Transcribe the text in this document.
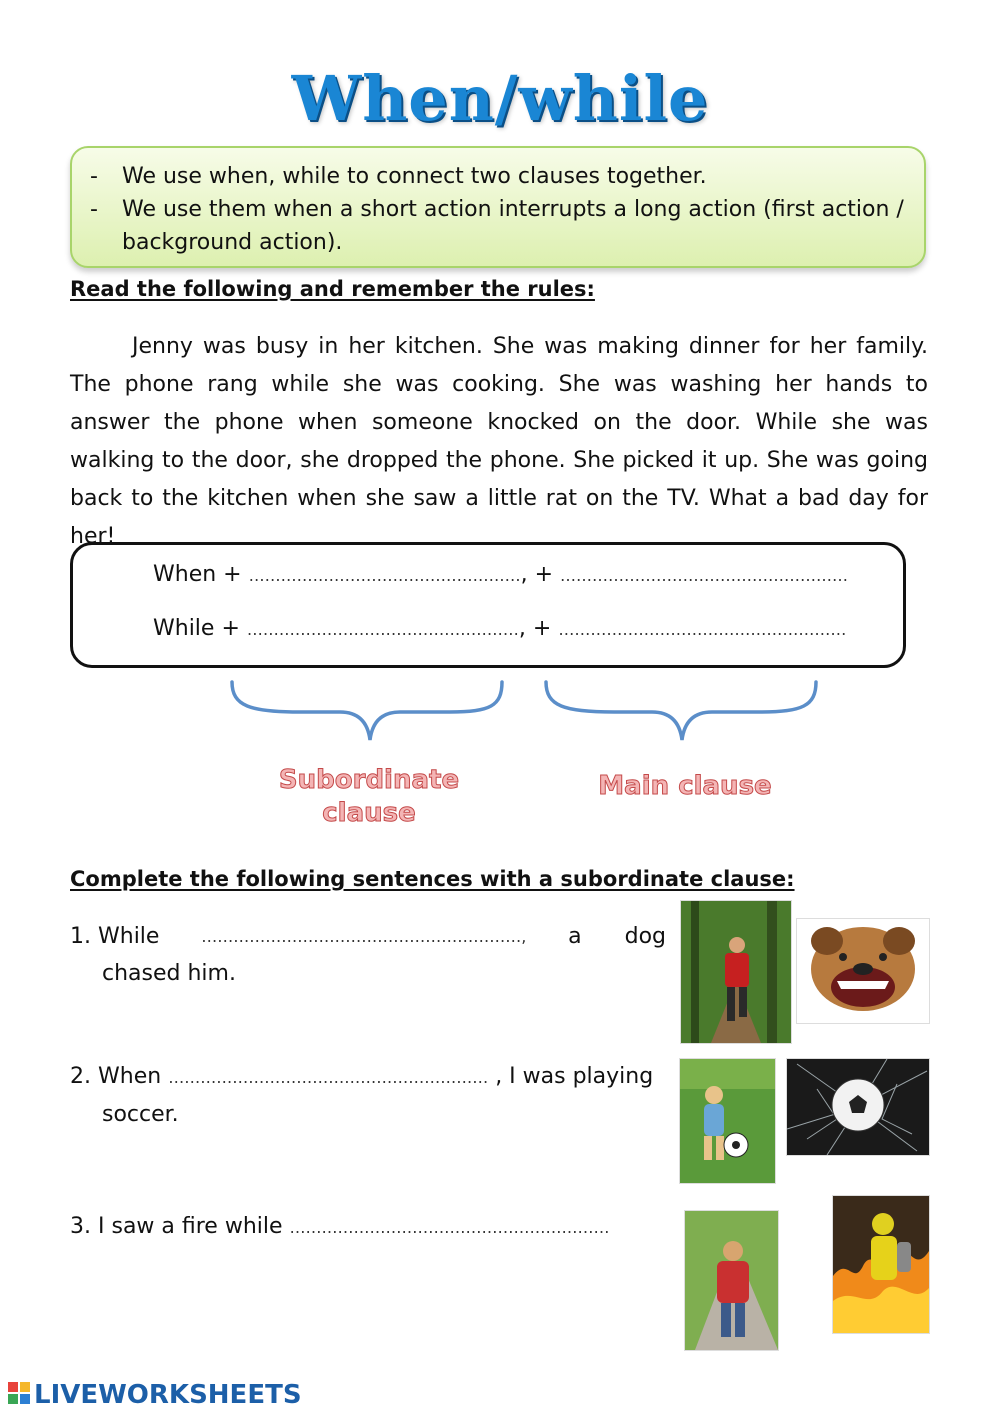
When/while
- We use when, while to connect two clauses together.
- We use them when a short action interrupts a long action (first action /
background action).
Read the following and remember the rules:
Jenny was busy in her kitchen. She was making dinner for her family. The phone rang while she was cooking. She was washing her hands to answer the phone when someone knocked on the door. While she was walking to the door, she dropped the phone. She picked it up. She was going back to the kitchen when she saw a little rat on the TV. What a bad day for her!
When + ……………………………………………, + ………………………………………………
While + ……………………………………………, + ………………………………………………
Subordinate
clause
Main clause
Complete the following sentences with a subordinate clause:
1. While	……………………………………………………, a dog
chased him.
2. When …………………………………………………… , I was playing
soccer.
3. I saw a fire while ……………………………………………………
LIVEWORKSHEETS
